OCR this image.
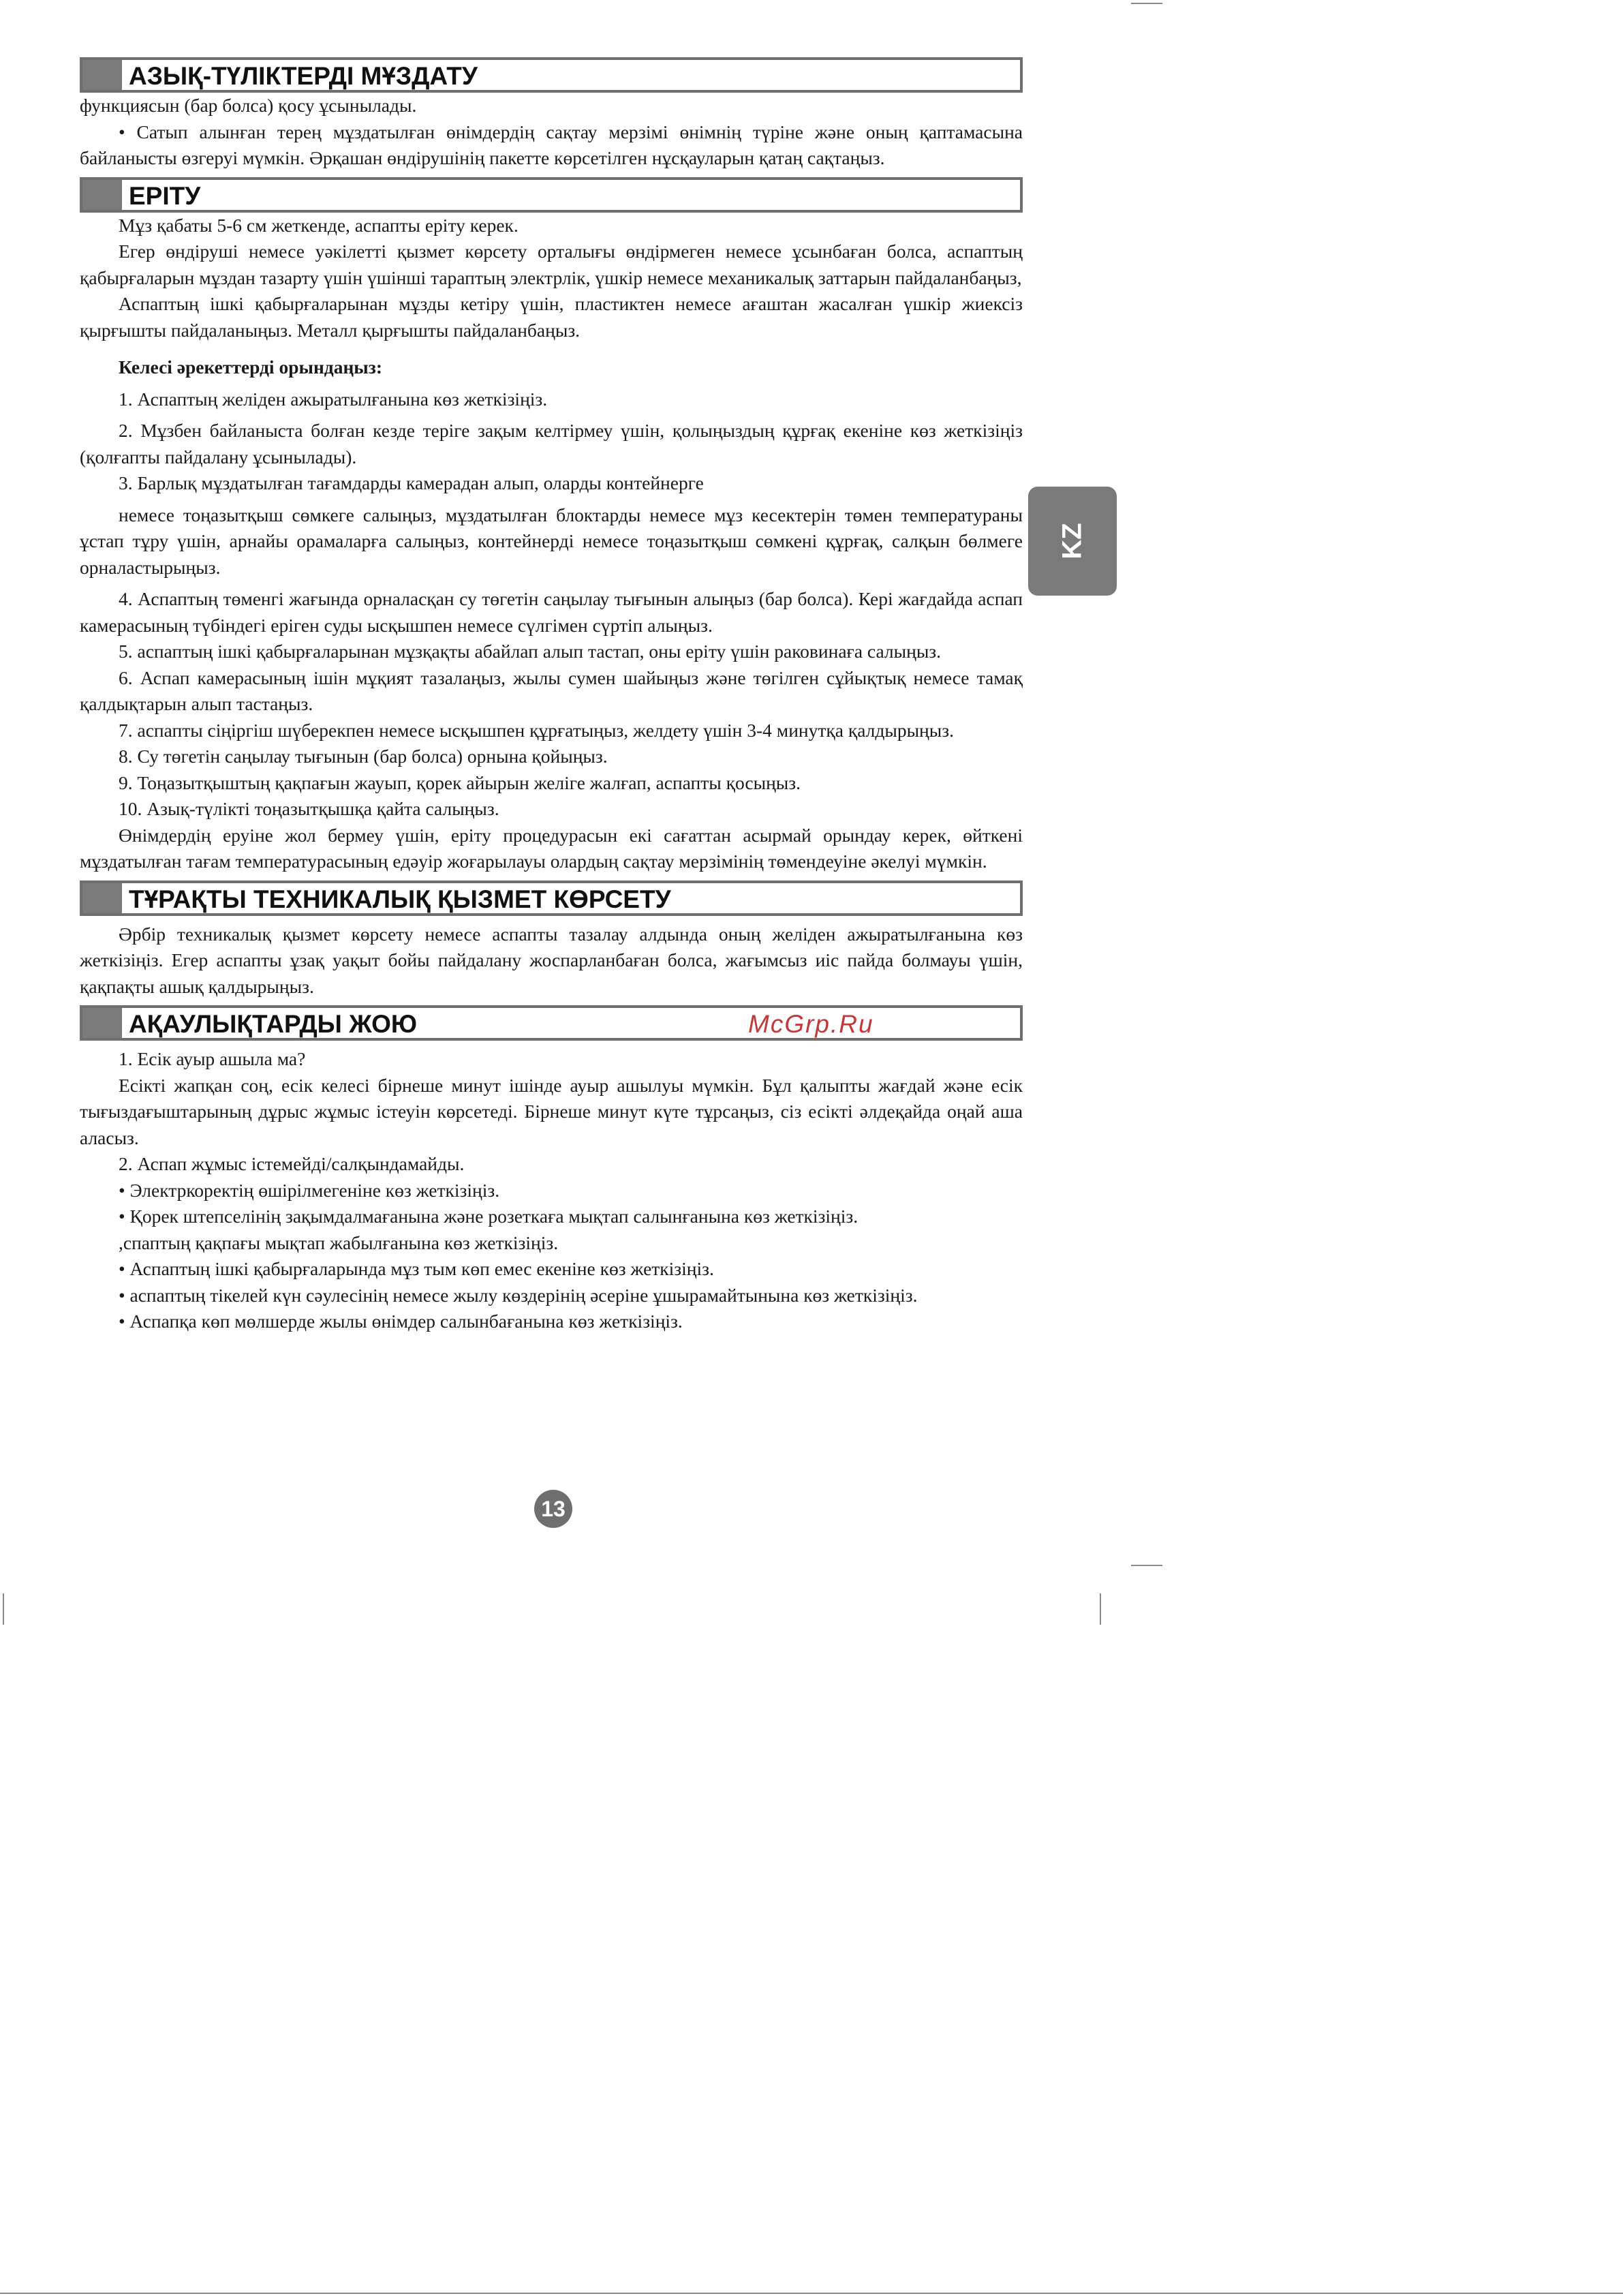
KZ
АЗЫҚ-ТҮЛІКТЕРДІ МҰЗДАТУ

функциясын (бар болса) қосу ұсынылады.

• Сатып алынған терең мұздатылған өнімдердің сақтау мерзімі өнімнің түріне және оның қаптамасына байланысты өзгеруі мүмкін. Әрқашан өндірушінің пакетте көрсетілген нұсқауларын қатаң сақтаңыз.

ЕРІТУ

Мұз қабаты 5-6 см жеткенде, аспапты еріту керек.

Егер өндіруші немесе уәкілетті қызмет көрсету орталығы өндірмеген немесе ұсынбаған болса, аспаптың қабырғаларын мұздан тазарту үшін үшінші тараптың электрлік, үшкір немесе механикалық заттарын пайдаланбаңыз,

Аспаптың ішкі қабырғаларынан мұзды кетіру үшін, пластиктен немесе ағаштан жасалған үшкір жиексіз қырғышты пайдаланыңыз. Металл қырғышты пайдаланбаңыз.

Келесі әрекеттерді орындаңыз:

1. Аспаптың желіден ажыратылғанына көз жеткізіңіз.

2. Мұзбен байланыста болған кезде теріге зақым келтірмеу үшін, қолыңыздың құрғақ екеніне көз жеткізіңіз (қолғапты пайдалану ұсынылады).

3. Барлық мұздатылған тағамдарды камерадан алып, оларды контейнерге

немесе тоңазытқыш сөмкеге салыңыз, мұздатылған блоктарды немесе мұз кесектерін төмен температураны ұстап тұру үшін, арнайы орамаларға салыңыз, контейнерді немесе тоңазытқыш сөмкені құрғақ, салқын бөлмеге орналастырыңыз.

4. Аспаптың төменгі жағында орналасқан су төгетін саңылау тығынын алыңыз (бар болса). Кері жағдайда аспап камерасының түбіндегі еріген суды ысқышпен немесе сүлгімен сүртіп алыңыз.

5. аспаптың ішкі қабырғаларынан мұзқақты абайлап алып тастап, оны еріту үшін раковинаға салыңыз.

6. Аспап камерасының ішін мұқият тазалаңыз, жылы сумен шайыңыз және төгілген сұйықтық немесе тамақ қалдықтарын алып тастаңыз.

7. аспапты сіңіргіш шүберекпен немесе ысқышпен құрғатыңыз, желдету үшін 3-4 минутқа қалдырыңыз.

8. Су төгетін саңылау тығынын (бар болса) орнына қойыңыз.

9. Тоңазытқыштың қақпағын жауып, қорек айырын желіге жалғап, аспапты қосыңыз.

10. Азық-түлікті тоңазытқышқа қайта салыңыз.

Өнімдердің еруіне жол бермеу үшін, еріту процедурасын екі сағаттан асырмай орындау керек, өйткені мұздатылған тағам температурасының едәуір жоғарылауы олардың сақтау мерзімінің төмендеуіне әкелуі мүмкін.

ТҰРАҚТЫ ТЕХНИКАЛЫҚ ҚЫЗМЕТ КӨРСЕТУ

Әрбір техникалық қызмет көрсету немесе аспапты тазалау алдында оның желіден ажыратылғанына көз жеткізіңіз. Егер аспапты ұзақ уақыт бойы пайдалану жоспарланбаған болса, жағымсыз иіс пайда болмауы үшін, қақпақты ашық қалдырыңыз.

АҚАУЛЫҚТАРДЫ ЖОЮ	McGrp.Ru

1. Есік ауыр ашыла ма?

Есікті жапқан соң, есік келесі бірнеше минут ішінде ауыр ашылуы мүмкін. Бұл қалыпты жағдай және есік тығыздағыштарының дұрыс жұмыс істеуін көрсетеді. Бірнеше минут күте тұрсаңыз, сіз есікті әлдеқайда оңай аша аласыз.

2. Аспап жұмыс істемейді/салқындамайды.

• Электркоректің өшірілмегеніне көз жеткізіңіз.

• Қорек штепселінің зақымдалмағанына және розеткаға мықтап салынғанына көз жеткізіңіз.

,спаптың қақпағы мықтап жабылғанына көз жеткізіңіз.

• Аспаптың ішкі қабырғаларында мұз тым көп емес екеніне көз жеткізіңіз.

• аспаптың тікелей күн сәулесінің немесе жылу көздерінің әсеріне ұшырамайтынына көз жеткізіңіз.

• Аспапқа көп мөлшерде жылы өнімдер салынбағанына көз жеткізіңіз.

13
